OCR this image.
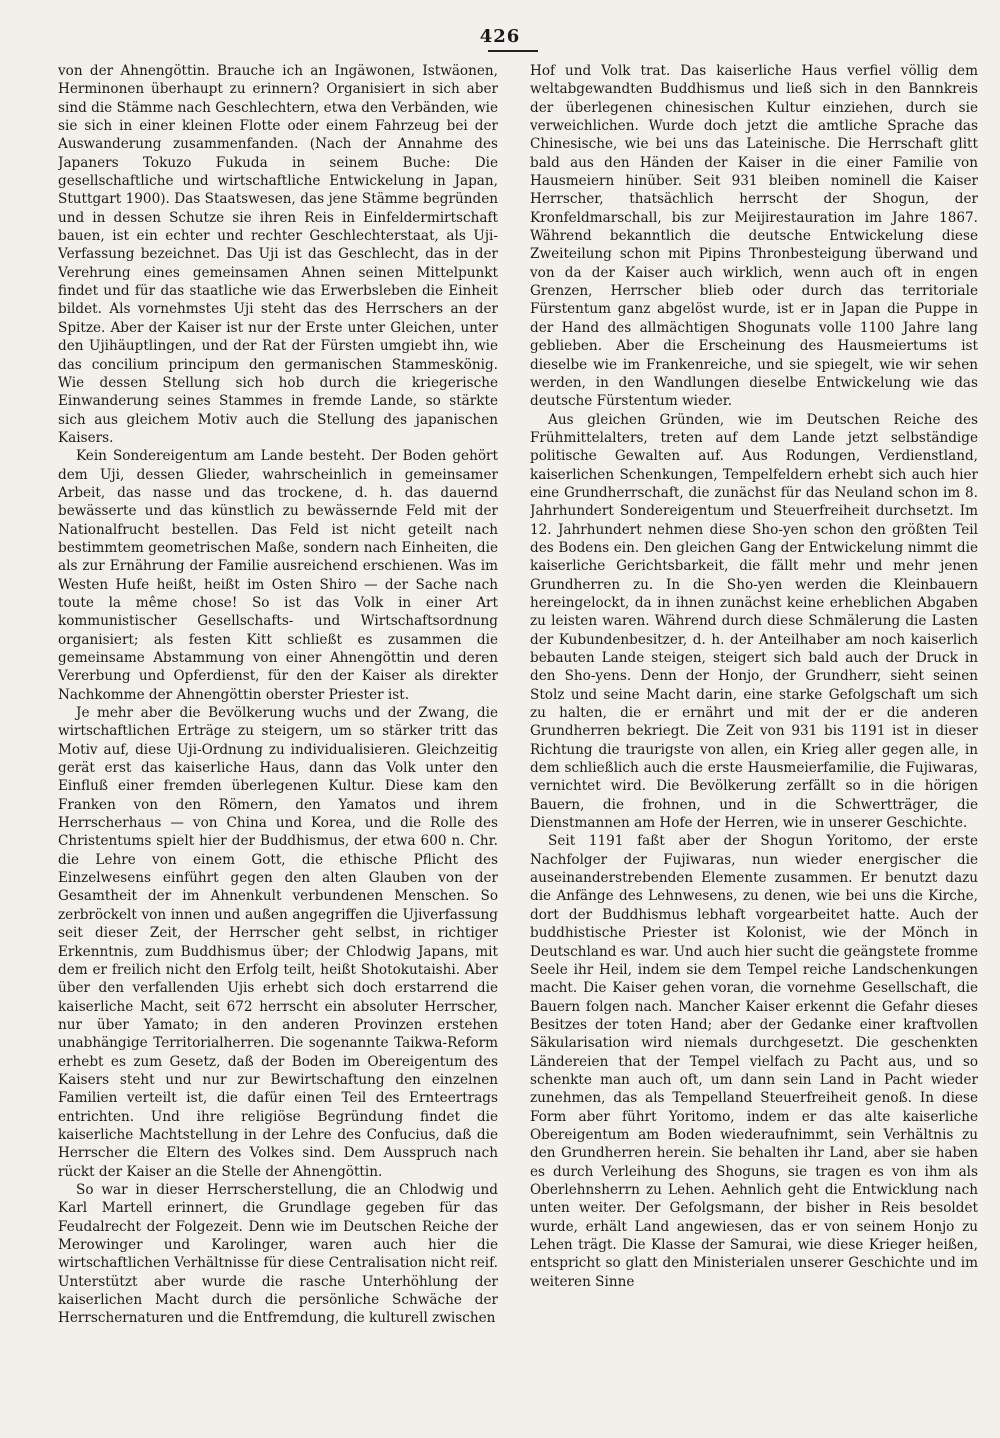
426

von der Ahnengöttin. Brauche ich an Ingäwonen, Istwäonen, Herminonen überhaupt zu erinnern? Organisiert in sich aber sind die Stämme nach Geschlechtern, etwa den Verbänden, wie sie sich in einer kleinen Flotte oder einem Fahrzeug bei der Auswanderung zusammenfanden. (Nach der Annahme des Japaners Tokuzo Fukuda in seinem Buche: Die gesellschaftliche und wirtschaftliche Entwickelung in Japan, Stuttgart 1900). Das Staatswesen, das jene Stämme begründen und in dessen Schutze sie ihren Reis in Einfeldermirtschaft bauen, ist ein echter und rechter Geschlechterstaat, als Uji-Verfassung bezeichnet. Das Uji ist das Geschlecht, das in der Verehrung eines gemeinsamen Ahnen seinen Mittelpunkt findet und für das staatliche wie das Erwerbsleben die Einheit bildet. Als vornehmstes Uji steht das des Herrschers an der Spitze. Aber der Kaiser ist nur der Erste unter Gleichen, unter den Ujihäuptlingen, und der Rat der Fürsten umgiebt ihn, wie das concilium principum den germanischen Stammeskönig. Wie dessen Stellung sich hob durch die kriegerische Einwanderung seines Stammes in fremde Lande, so stärkte sich aus gleichem Motiv auch die Stellung des japanischen Kaisers.

Kein Sondereigentum am Lande besteht. Der Boden gehört dem Uji, dessen Glieder, wahrscheinlich in gemeinsamer Arbeit, das nasse und das trockene, d. h. das dauernd bewässerte und das künstlich zu bewässernde Feld mit der Nationalfrucht bestellen. Das Feld ist nicht geteilt nach bestimmtem geometrischen Maße, sondern nach Einheiten, die als zur Ernährung der Familie ausreichend erschienen. Was im Westen Hufe heißt, heißt im Osten Shiro — der Sache nach toute la même chose! So ist das Volk in einer Art kommunistischer Gesellschafts- und Wirtschaftsordnung organisiert; als festen Kitt schließt es zusammen die gemeinsame Abstammung von einer Ahnengöttin und deren Vererbung und Opferdienst, für den der Kaiser als direkter Nachkomme der Ahnengöttin oberster Priester ist.

Je mehr aber die Bevölkerung wuchs und der Zwang, die wirtschaftlichen Erträge zu steigern, um so stärker tritt das Motiv auf, diese Uji-Ordnung zu individualisieren. Gleichzeitig gerät erst das kaiserliche Haus, dann das Volk unter den Einfluß einer fremden überlegenen Kultur. Diese kam den Franken von den Römern, den Yamatos und ihrem Herrscherhaus — von China und Korea, und die Rolle des Christentums spielt hier der Buddhismus, der etwa 600 n. Chr. die Lehre von einem Gott, die ethische Pflicht des Einzelwesens einführt gegen den alten Glauben von der Gesamtheit der im Ahnenkult verbundenen Menschen. So zerbröckelt von innen und außen angegriffen die Ujiverfassung seit dieser Zeit, der Herrscher geht selbst, in richtiger Erkenntnis, zum Buddhismus über; der Chlodwig Japans, mit dem er freilich nicht den Erfolg teilt, heißt Shotokutaishi. Aber über den verfallenden Ujis erhebt sich doch erstarrend die kaiserliche Macht, seit 672 herrscht ein absoluter Herrscher, nur über Yamato; in den anderen Provinzen erstehen unabhängige Territorialherren. Die sogenannte Taikwa-Reform erhebt es zum Gesetz, daß der Boden im Obereigentum des Kaisers steht und nur zur Bewirtschaftung den einzelnen Familien verteilt ist, die dafür einen Teil des Ernteertrags entrichten. Und ihre religiöse Begründung findet die kaiserliche Machtstellung in der Lehre des Confucius, daß die Herrscher die Eltern des Volkes sind. Dem Ausspruch nach rückt der Kaiser an die Stelle der Ahnengöttin.

So war in dieser Herrscherstellung, die an Chlodwig und Karl Martell erinnert, die Grundlage gegeben für das Feudalrecht der Folgezeit. Denn wie im Deutschen Reiche der Merowinger und Karolinger, waren auch hier die wirtschaftlichen Verhältnisse für diese Centralisation nicht reif. Unterstützt aber wurde die rasche Unterhöhlung der kaiserlichen Macht durch die persönliche Schwäche der Herrschernaturen und die Entfremdung, die kulturell zwischen

Hof und Volk trat. Das kaiserliche Haus verfiel völlig dem weltabgewandten Buddhismus und ließ sich in den Bannkreis der überlegenen chinesischen Kultur einziehen, durch sie verweichlichen. Wurde doch jetzt die amtliche Sprache das Chinesische, wie bei uns das Lateinische. Die Herrschaft glitt bald aus den Händen der Kaiser in die einer Familie von Hausmeiern hinüber. Seit 931 bleiben nominell die Kaiser Herrscher, thatsächlich herrscht der Shogun, der Kronfeldmarschall, bis zur Meijirestauration im Jahre 1867. Während bekanntlich die deutsche Entwickelung diese Zweiteilung schon mit Pipins Thronbesteigung überwand und von da der Kaiser auch wirklich, wenn auch oft in engen Grenzen, Herrscher blieb oder durch das territoriale Fürstentum ganz abgelöst wurde, ist er in Japan die Puppe in der Hand des allmächtigen Shogunats volle 1100 Jahre lang geblieben. Aber die Erscheinung des Hausmeiertums ist dieselbe wie im Frankenreiche, und sie spiegelt, wie wir sehen werden, in den Wandlungen dieselbe Entwickelung wie das deutsche Fürstentum wieder.

Aus gleichen Gründen, wie im Deutschen Reiche des Frühmittelalters, treten auf dem Lande jetzt selbständige politische Gewalten auf. Aus Rodungen, Verdienstland, kaiserlichen Schenkungen, Tempelfeldern erhebt sich auch hier eine Grundherrschaft, die zunächst für das Neuland schon im 8. Jahrhundert Sondereigentum und Steuerfreiheit durchsetzt. Im 12. Jahrhundert nehmen diese Sho-yen schon den größten Teil des Bodens ein. Den gleichen Gang der Entwickelung nimmt die kaiserliche Gerichtsbarkeit, die fällt mehr und mehr jenen Grundherren zu. In die Sho-yen werden die Kleinbauern hereingelockt, da in ihnen zunächst keine erheblichen Abgaben zu leisten waren. Während durch diese Schmälerung die Lasten der Kubundenbesitzer, d. h. der Anteilhaber am noch kaiserlich bebauten Lande steigen, steigert sich bald auch der Druck in den Sho-yens. Denn der Honjo, der Grundherr, sieht seinen Stolz und seine Macht darin, eine starke Gefolgschaft um sich zu halten, die er ernährt und mit der er die anderen Grundherren bekriegt. Die Zeit von 931 bis 1191 ist in dieser Richtung die traurigste von allen, ein Krieg aller gegen alle, in dem schließlich auch die erste Hausmeierfamilie, die Fujiwaras, vernichtet wird. Die Bevölkerung zerfällt so in die hörigen Bauern, die frohnen, und in die Schwertträger, die Dienstmannen am Hofe der Herren, wie in unserer Geschichte.

Seit 1191 faßt aber der Shogun Yoritomo, der erste Nachfolger der Fujiwaras, nun wieder energischer die auseinanderstrebenden Elemente zusammen. Er benutzt dazu die Anfänge des Lehnwesens, zu denen, wie bei uns die Kirche, dort der Buddhismus lebhaft vorgearbeitet hatte. Auch der buddhistische Priester ist Kolonist, wie der Mönch in Deutschland es war. Und auch hier sucht die geängstete fromme Seele ihr Heil, indem sie dem Tempel reiche Landschenkungen macht. Die Kaiser gehen voran, die vornehme Gesellschaft, die Bauern folgen nach. Mancher Kaiser erkennt die Gefahr dieses Besitzes der toten Hand; aber der Gedanke einer kraftvollen Säkularisation wird niemals durchgesetzt. Die geschenkten Ländereien that der Tempel vielfach zu Pacht aus, und so schenkte man auch oft, um dann sein Land in Pacht wieder zunehmen, das als Tempelland Steuerfreiheit genoß. In diese Form aber führt Yoritomo, indem er das alte kaiserliche Obereigentum am Boden wiederaufnimmt, sein Verhältnis zu den Grundherren herein. Sie behalten ihr Land, aber sie haben es durch Verleihung des Shoguns, sie tragen es von ihm als Oberlehnsherrn zu Lehen. Aehnlich geht die Entwicklung nach unten weiter. Der Gefolgsmann, der bisher in Reis besoldet wurde, erhält Land angewiesen, das er von seinem Honjo zu Lehen trägt. Die Klasse der Samurai, wie diese Krieger heißen, entspricht so glatt den Ministerialen unserer Geschichte und im weiteren Sinne
